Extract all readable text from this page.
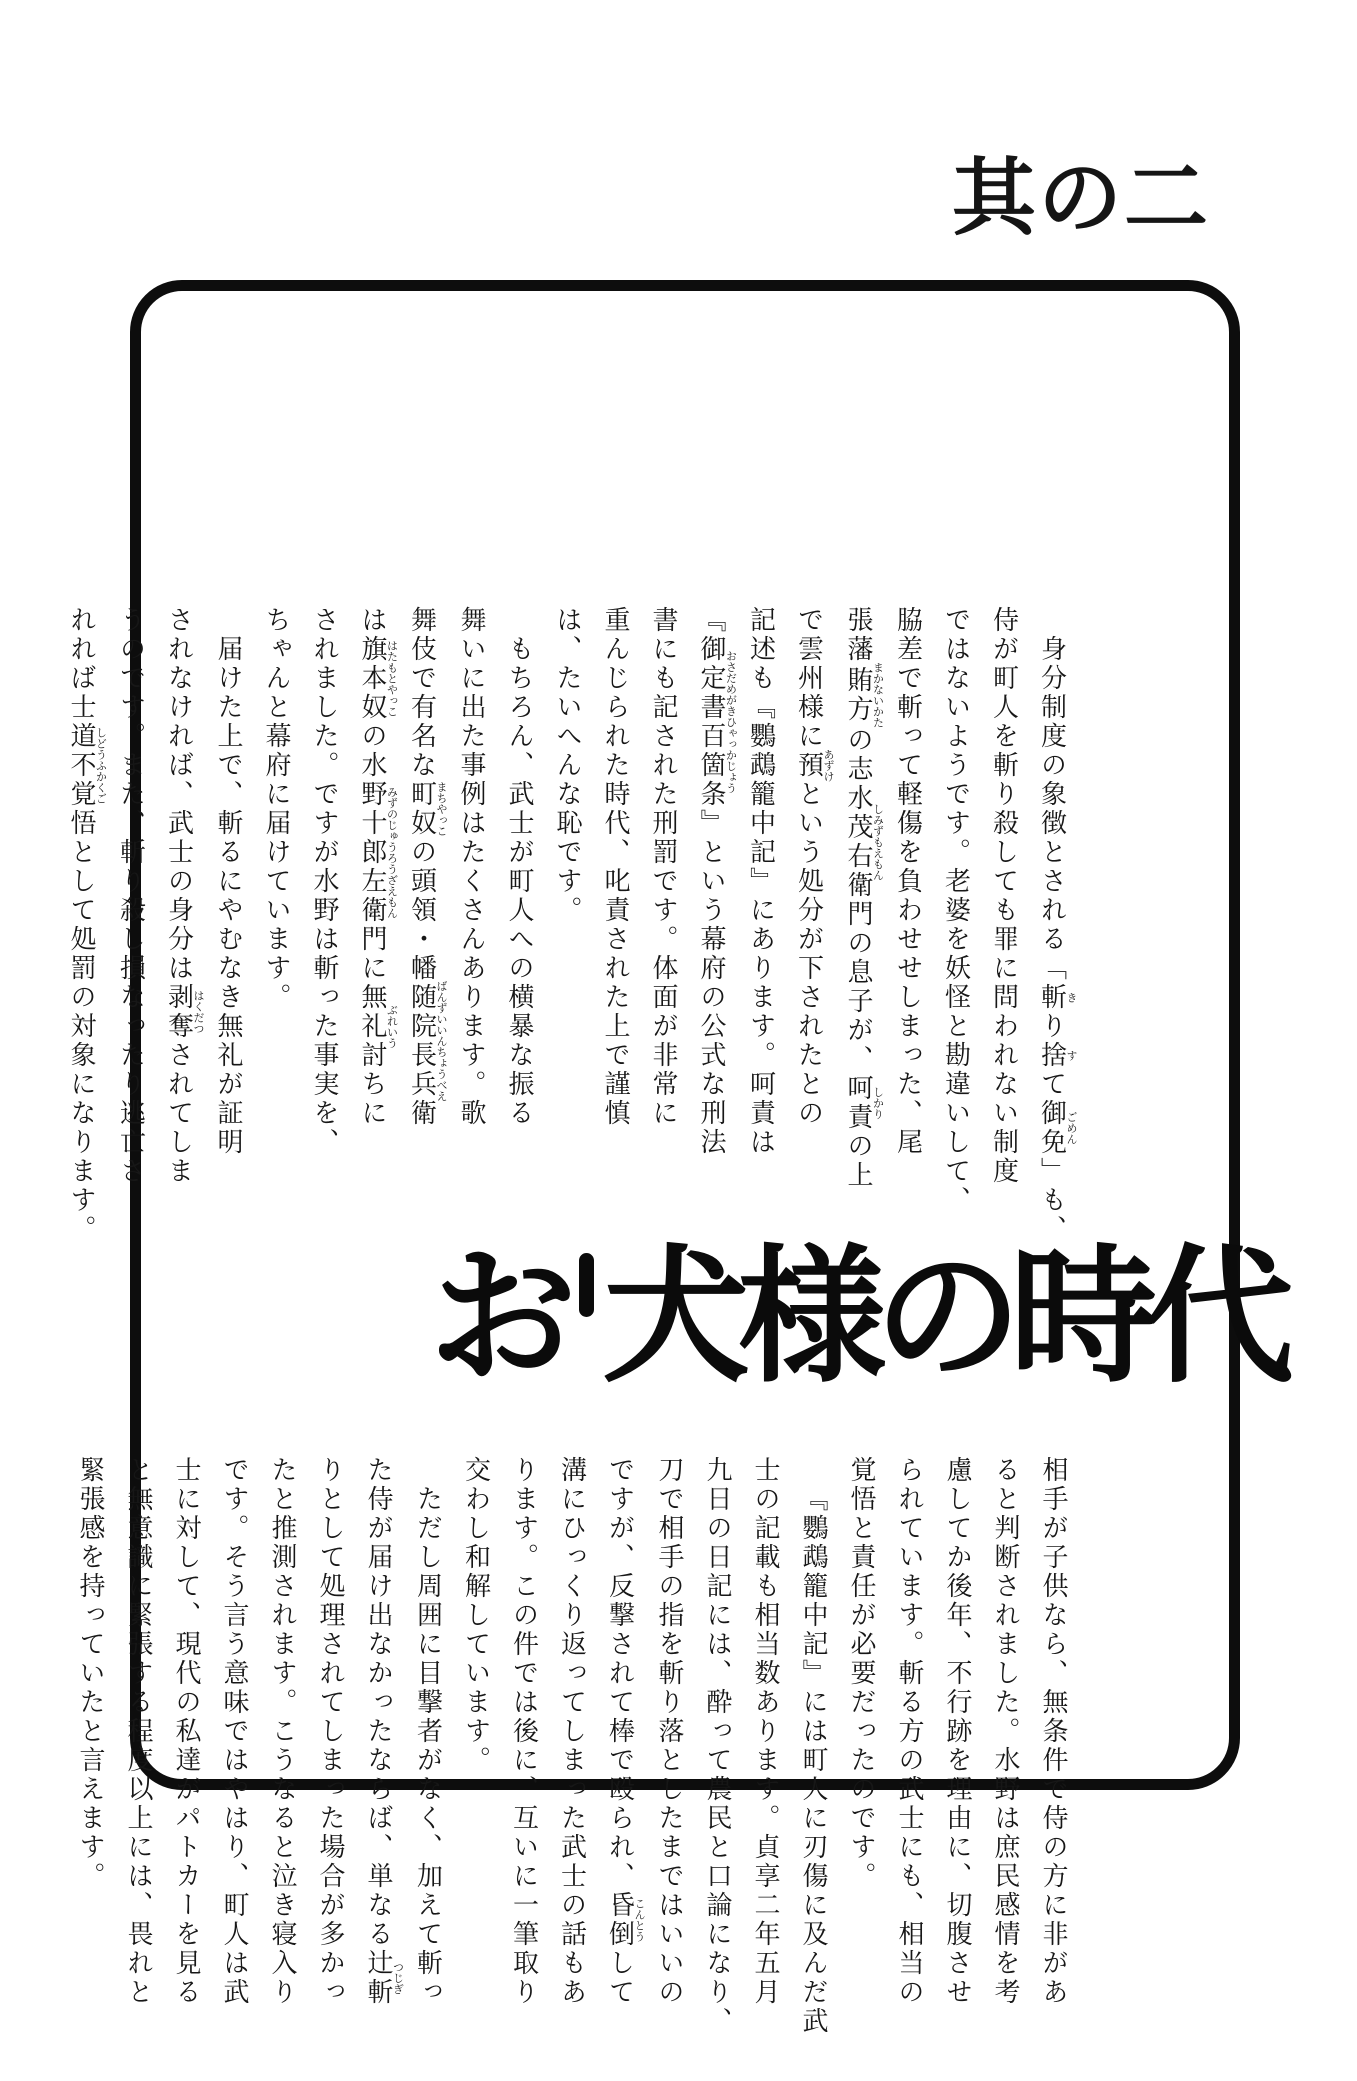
其の二

身分制度の象徴とされる「斬きり捨すて御免ごめん」も、

侍が町人を斬り殺しても罪に問われない制度

ではないようです。老婆を妖怪と勘違いして、

脇差で斬って軽傷を負わせせしまった、尾

張藩賄方まかないかたの志水茂右衛門しみずもえもんの息子が、呵責しかりの上

で雲州様に預あずけという処分が下されたとの

記述も『鸚鵡籠中記』にあります。呵責は

『御定書百箇条おさだめがきひゃっかじょう』という幕府の公式な刑法

書にも記された刑罰です。体面が非常に

重んじられた時代、叱責された上で謹慎

は、たいへんな恥です。

もちろん、武士が町人への横暴な振る

舞いに出た事例はたくさんあります。歌

舞伎で有名な町奴まちやっこの頭領・幡随院長兵衛ばんずいいんちょうべえ

は旗本奴はたもとやっこの水野十郎左衛門みずのじゅうろうざえもんに無礼討ぶれいうちに

されました。ですが水野は斬った事実を、

ちゃんと幕府に届けています。

届けた上で、斬るにやむなき無礼が証明

されなければ、武士の身分は剥奪はくだつされてしま

うのです。また、斬り殺し損なったり逃亡さ

れれば士道不覚悟しどうふかくごとして処罰の対象になります。

お 犬様の時代

相手が子供なら、無条件で侍の方に非があ

ると判断されました。水野は庶民感情を考

慮してか後年、不行跡を理由に、切腹させ

られています。斬る方の武士にも、相当の

覚悟と責任が必要だったのです。

『鸚鵡籠中記』には町人に刃傷に及んだ武

士の記載も相当数あります。貞享二年五月

九日の日記には、酔って農民と口論になり、

刀で相手の指を斬り落としたまではいいの

ですが、反撃されて棒で殴られ、昏倒こんとうして

溝にひっくり返ってしまった武士の話もあ

ります。この件では後に、互いに一筆取り

交わし和解しています。

ただし周囲に目撃者がなく、加えて斬っ

た侍が届け出なかったならば、単なる辻斬つじぎ

りとして処理されてしまった場合が多かっ

たと推測されます。こうなると泣き寝入り

です。そう言う意味ではやはり、町人は武

士に対して、現代の私達がパトカーを見る

と無意識に緊張する程度以上には、畏れと

緊張感を持っていたと言えます。
